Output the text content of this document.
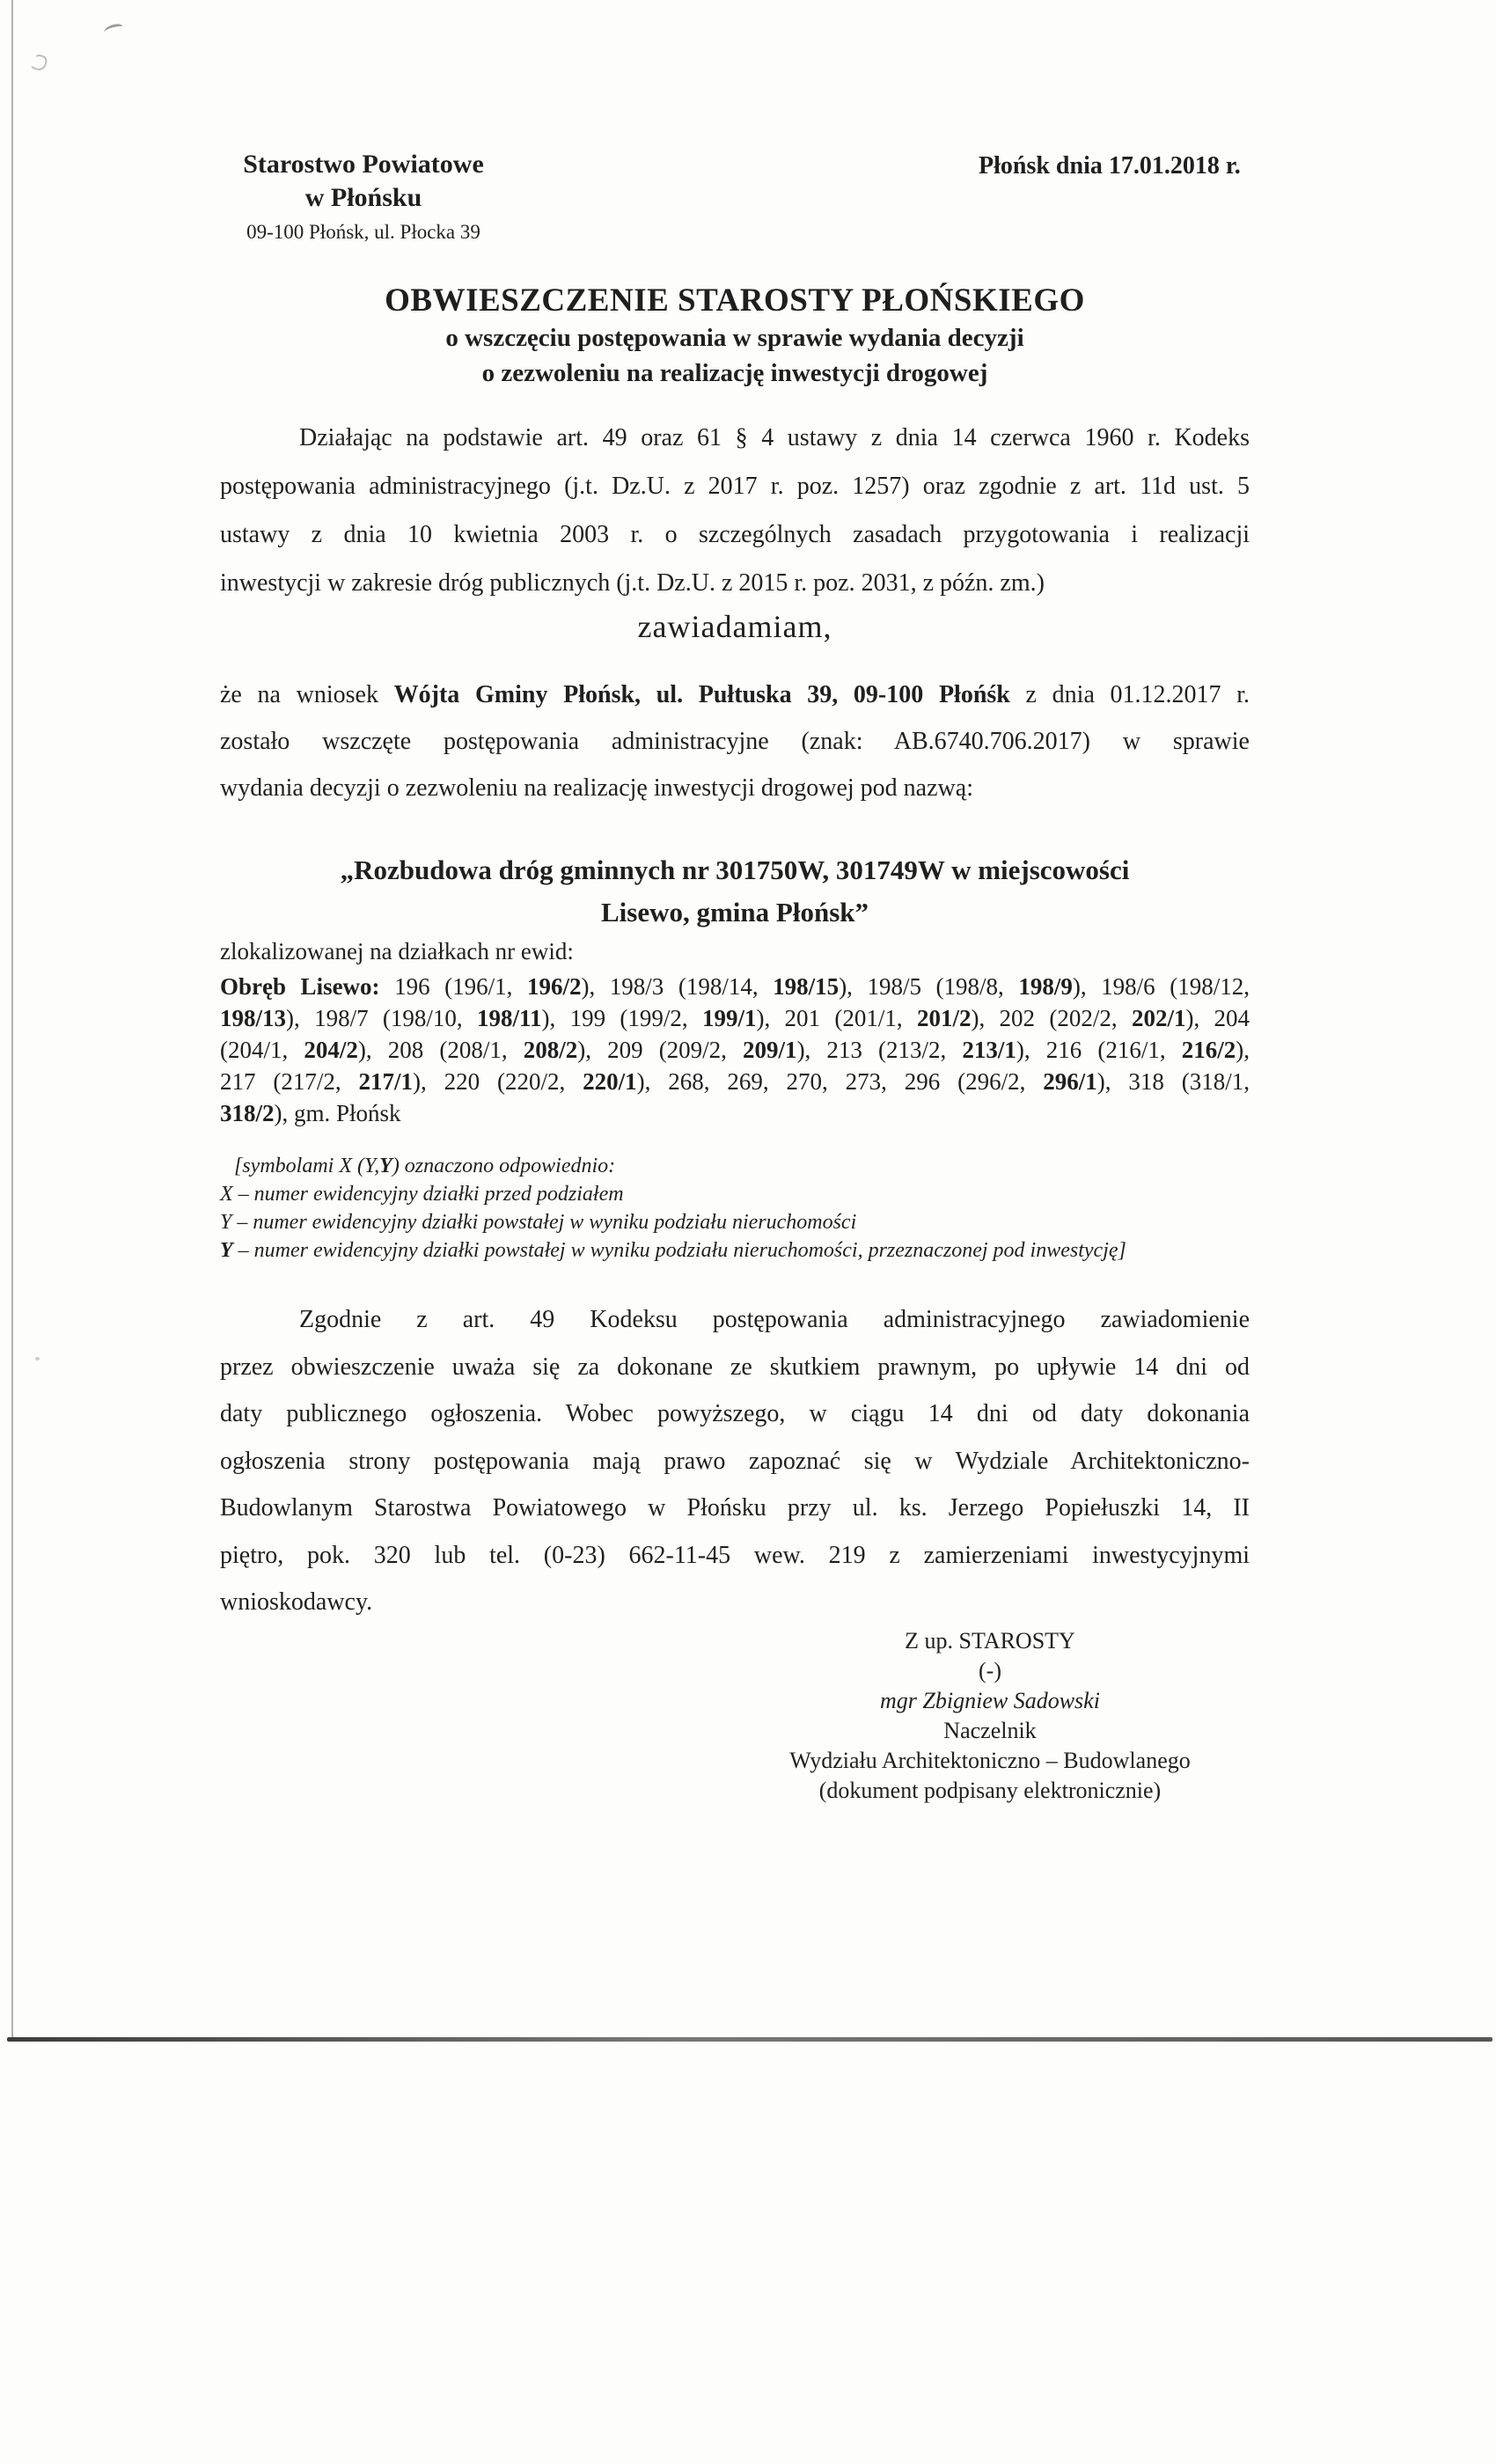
Starostwo Powiatowe
w Płońsku
09-100 Płońsk, ul. Płocka 39
Płońsk dnia 17.01.2018 r.
OBWIESZCZENIE STAROSTY PŁOŃSKIEGO
o wszczęciu postępowania w sprawie wydania decyzji
o zezwoleniu na realizację inwestycji drogowej
Działając na podstawie art. 49 oraz 61 § 4 ustawy z dnia 14 czerwca 1960 r. Kodeks
postępowania administracyjnego (j.t. Dz.U. z 2017 r. poz. 1257) oraz zgodnie z art. 11d ust. 5
ustawy z dnia 10 kwietnia 2003 r. o szczególnych zasadach przygotowania i realizacji
inwestycji w zakresie dróg publicznych (j.t. Dz.U. z 2015 r. poz. 2031, z późn. zm.)
zawiadamiam,
że na wniosek Wójta Gminy Płońsk, ul. Pułtuska 39, 09-100 Płońśk z dnia 01.12.2017 r.
zostało wszczęte postępowania administracyjne (znak: AB.6740.706.2017) w sprawie
wydania decyzji o zezwoleniu na realizację inwestycji drogowej pod nazwą:
„Rozbudowa dróg gminnych nr 301750W, 301749W w miejscowości
Lisewo, gmina Płońsk”
zlokalizowanej na działkach nr ewid:
Obręb Lisewo: 196 (196/1, 196/2), 198/3 (198/14, 198/15), 198/5 (198/8, 198/9), 198/6 (198/12,
198/13), 198/7 (198/10, 198/11), 199 (199/2, 199/1), 201 (201/1, 201/2), 202 (202/2, 202/1), 204
(204/1, 204/2), 208 (208/1, 208/2), 209 (209/2, 209/1), 213 (213/2, 213/1), 216 (216/1, 216/2),
217 (217/2, 217/1), 220 (220/2, 220/1), 268, 269, 270, 273, 296 (296/2, 296/1), 318 (318/1,
318/2), gm. Płońsk
[symbolami X (Y,Y) oznaczono odpowiednio:
X – numer ewidencyjny działki przed podziałem
Y – numer ewidencyjny działki powstałej w wyniku podziału nieruchomości
Y – numer ewidencyjny działki powstałej w wyniku podziału nieruchomości, przeznaczonej pod inwestycję]
Zgodnie z art. 49 Kodeksu postępowania administracyjnego zawiadomienie
przez obwieszczenie uważa się za dokonane ze skutkiem prawnym, po upływie 14 dni od
daty publicznego ogłoszenia. Wobec powyższego, w ciągu 14 dni od daty dokonania
ogłoszenia strony postępowania mają prawo zapoznać się w Wydziale Architektoniczno-
Budowlanym Starostwa Powiatowego w Płońsku przy ul. ks. Jerzego Popiełuszki 14, II
piętro, pok. 320 lub tel. (0-23) 662-11-45 wew. 219 z zamierzeniami inwestycyjnymi
wnioskodawcy.
Z up. STAROSTY
(-)
mgr Zbigniew Sadowski
Naczelnik
Wydziału Architektoniczno – Budowlanego
(dokument podpisany elektronicznie)
